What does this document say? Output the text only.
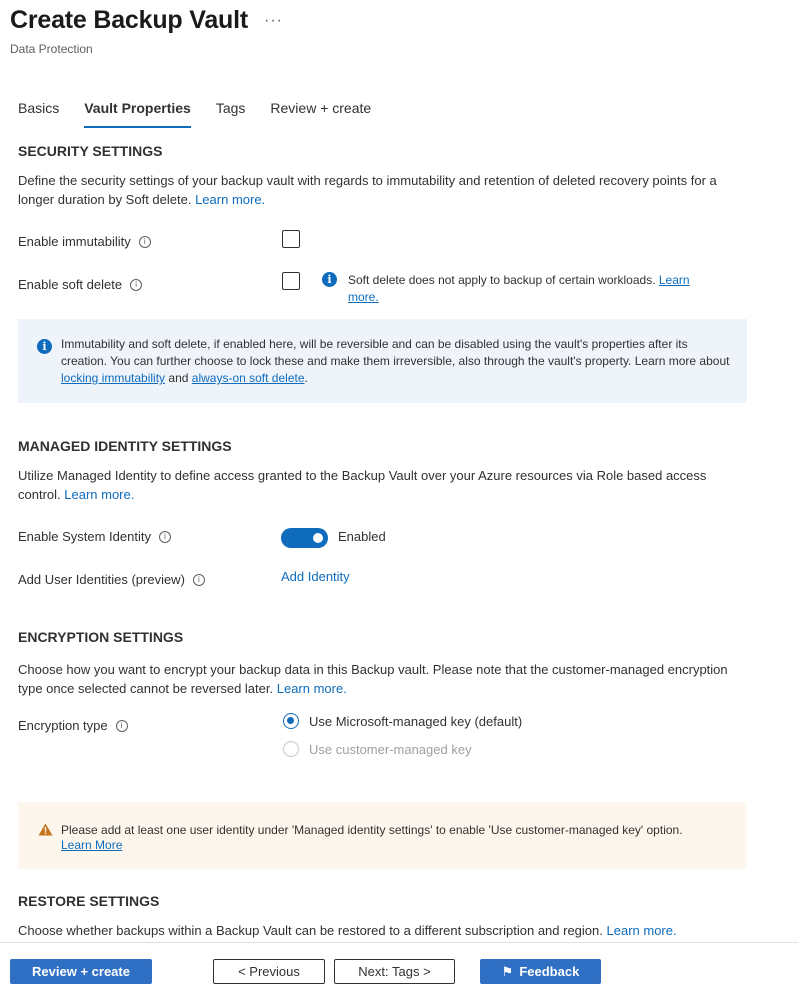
Create Backup Vault ···
Data Protection
Basics Vault Properties Tags Review + create
SECURITY SETTINGS
Define the security settings of your backup vault with regards to immutability and retention of deleted recovery points for a longer duration by Soft delete. Learn more.
Enable immutability	i
Enable soft delete	i	i	Soft delete does not apply to backup of certain workloads. Learn more.
i	Immutability and soft delete, if enabled here, will be reversible and can be disabled using the vault's properties after its creation. You can further choose to lock these and make them irreversible, also through the vault's property. Learn more about locking immutability and always-on soft delete.
MANAGED IDENTITY SETTINGS
Utilize Managed Identity to define access granted to the Backup Vault over your Azure resources via Role based access control. Learn more.
Enable System Identity	i	Enabled
Add User Identities (preview)	i	Add Identity
ENCRYPTION SETTINGS
Choose how you want to encrypt your backup data in this Backup vault. Please note that the customer-managed encryption type once selected cannot be reversed later. Learn more.
Encryption type	i	Use Microsoft-managed key (default)
Use customer-managed key
Please add at least one user identity under 'Managed identity settings' to enable 'Use customer-managed key' option.
Learn More
RESTORE SETTINGS
Choose whether backups within a Backup Vault can be restored to a different subscription and region. Learn more.
Review + create	< Previous	Next: Tags >	⚑ Feedback
